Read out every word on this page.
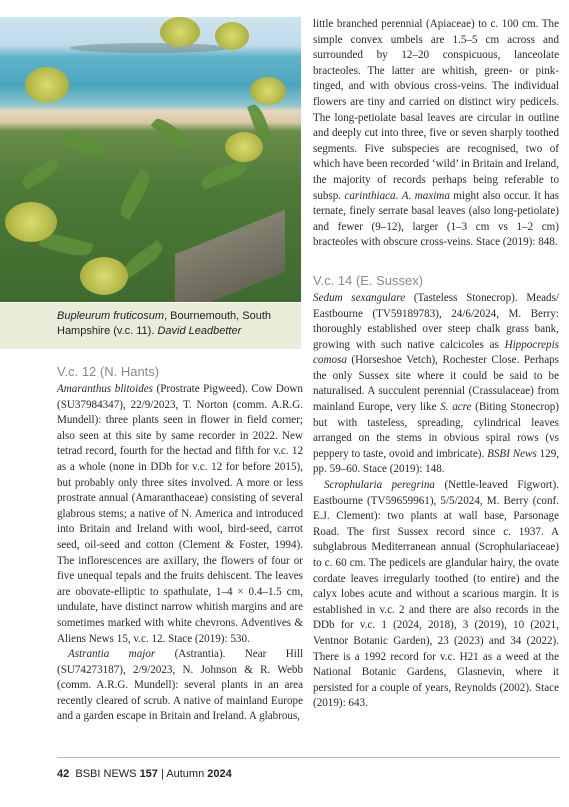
Bupleurum fruticosum, Bournemouth, South Hampshire (v.c. 11). David Leadbetter
V.c. 12 (N. Hants)

Amaranthus blitoides (Prostrate Pigweed). Cow Down (SU37984347), 22/9/2023, T. Norton (comm. A.R.G. Mundell): three plants seen in flower in field corner; also seen at this site by same recorder in 2022. New tetrad record, fourth for the hectad and fifth for v.c. 12 as a whole (none in DDb for v.c. 12 for before 2015), but probably only three sites involved. A more or less prostrate annual (Amaranthaceae) consisting of several glabrous stems; a native of N. America and introduced into Britain and Ireland with wool, bird-seed, carrot seed, oil-seed and cotton (Clement & Foster, 1994). The inflorescences are axillary, the flowers of four or five unequal tepals and the fruits dehiscent. The leaves are obovate-elliptic to spathulate, 1–4 × 0.4–1.5 cm, undulate, have distinct narrow whitish margins and are sometimes marked with white chevrons. Adventives & Aliens News 15, v.c. 12. Stace (2019): 530.

Astrantia major (Astrantia). Near Hill (SU74273187), 2/9/2023, N. Johnson & R. Webb (comm. A.R.G. Mundell): several plants in an area recently cleared of scrub. A native of mainland Europe and a garden escape in Britain and Ireland. A glabrous,

little branched perennial (Apiaceae) to c. 100 cm. The simple convex umbels are 1.5–5 cm across and surrounded by 12–20 conspicuous, lanceolate bracteoles. The latter are whitish, green- or pink-tinged, and with obvious cross-veins. The individual flowers are tiny and carried on distinct wiry pedicels. The long-petiolate basal leaves are circular in outline and deeply cut into three, five or seven sharply toothed segments. Five subspecies are recognised, two of which have been recorded ‘wild’ in Britain and Ireland, the majority of records perhaps being referable to subsp. carinthiaca. A. maxima might also occur. It has ternate, finely serrate basal leaves (also long-petiolate) and fewer (9–12), larger (1–3 cm vs 1–2 cm) bracteoles with obscure cross-veins. Stace (2019): 848.

V.c. 14 (E. Sussex)

Sedum sexangulare (Tasteless Stonecrop). Meads/ Eastbourne (TV59189783), 24/6/2024, M. Berry: thoroughly established over steep chalk grass bank, growing with such native calcicoles as Hippocrepis comosa (Horseshoe Vetch), Rochester Close. Perhaps the only Sussex site where it could be said to be naturalised. A succulent perennial (Crassulaceae) from mainland Europe, very like S. acre (Biting Stonecrop) but with tasteless, spreading, cylindrical leaves arranged on the stems in obvious spiral rows (vs peppery to taste, ovoid and imbricate). BSBI News 129, pp. 59–60. Stace (2019): 148.

Scrophularia peregrina (Nettle-leaved Figwort). Eastbourne (TV59659961), 5/5/2024, M. Berry (conf. E.J. Clement): two plants at wall base, Parsonage Road. The first Sussex record since c. 1937. A subglabrous Mediterranean annual (Scrophulariaceae) to c. 60 cm. The pedicels are glandular hairy, the ovate cordate leaves irregularly toothed (to entire) and the calyx lobes acute and without a scarious margin. It is established in v.c. 2 and there are also records in the DDb for v.c. 1 (2024, 2018), 3 (2019), 10 (2021, Ventnor Botanic Garden), 23 (2023) and 34 (2022). There is a 1992 record for v.c. H21 as a weed at the National Botanic Gardens, Glasnevin, where it persisted for a couple of years, Reynolds (2002). Stace (2019): 643.

42 BSBI NEWS 157 | Autumn 2024
